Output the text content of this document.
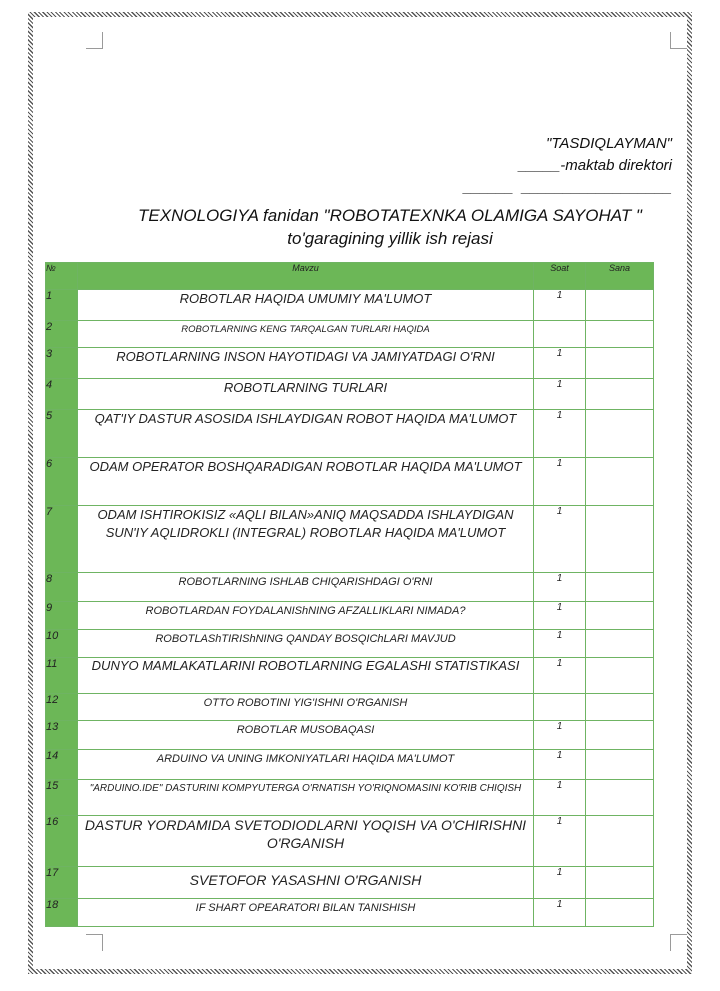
"TASDIQLAYMAN"
_____-maktab direktori
______  __________________
TEXNOLOGIYA fanidan "ROBOTATEXNKA OLAMIGA SAYOHAT "
to'garagining yillik ish rejasi
№	Mavzu	Soat	Sana
1	ROBOTLAR HAQIDA UMUMIY MA'LUMOT	1	
2	ROBOTLARNING KENG TARQALGAN TURLARI HAQIDA		
3	ROBOTLARNING INSON HAYOTIDAGI VA JAMIYATDAGI O'RNI	1	
4	ROBOTLARNING TURLARI	1	
5	QAT'IY DASTUR ASOSIDA ISHLAYDIGAN ROBOT HAQIDA MA'LUMOT	1	
6	ODAM OPERATOR BOSHQARADIGAN ROBOTLAR HAQIDA MA'LUMOT	1	
7	ODAM ISHTIROKISIZ «AQLI BILAN»ANIQ MAQSADDA ISHLAYDIGAN SUN'IY AQLIDROKLI (INTEGRAL) ROBOTLAR HAQIDA MA'LUMOT	1	
8	ROBOTLARNING ISHLAB CHIQARISHDAGI O'RNI	1	
9	ROBOTLARDAN FOYDALANIShNING AFZALLIKLARI NIMADA?	1	
10	ROBOTLAShTIRIShNING QANDAY BOSQIChLARI MAVJUD	1	
11	DUNYO MAMLAKATLARINI ROBOTLARNING EGALASHI STATISTIKASI	1	
12	OTTO ROBOTINI YIG'ISHNI O'RGANISH		
13	ROBOTLAR MUSOBAQASI	1	
14	ARDUINO VA UNING IMKONIYATLARI HAQIDA MA'LUMOT	1	
15	"ARDUINO.IDE" DASTURINI KOMPYUTERGA O'RNATISH YO'RIQNOMASINI KO'RIB CHIQISH	1	
16	DASTUR YORDAMIDA SVETODIODLARNI YOQISH VA O'CHIRISHNI O'RGANISH	1	
17	SVETOFOR YASASHNI O'RGANISH	1	
18	IF SHART OPEARATORI BILAN TANISHISH	1	
